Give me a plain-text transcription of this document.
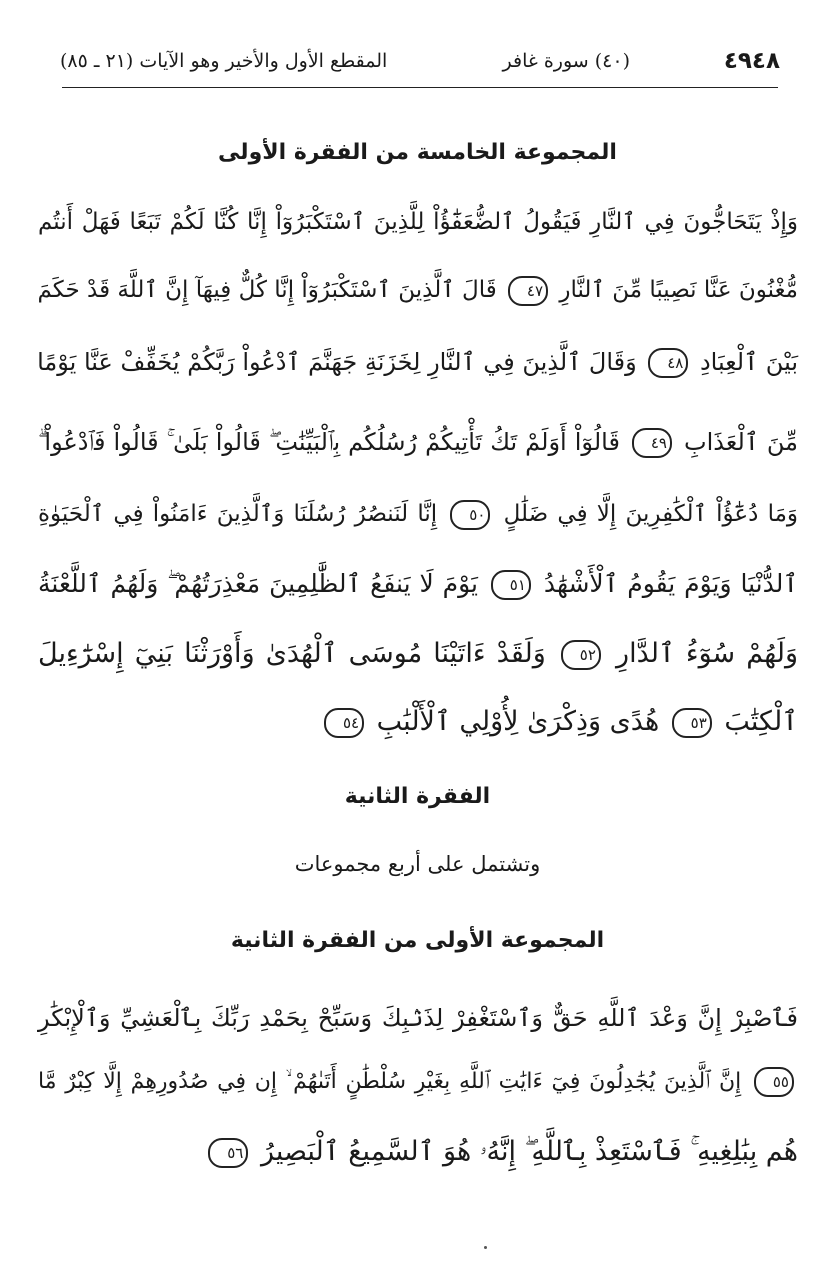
٤٩٤٨
(٤٠) سورة غافر
المقطع الأول والأخير وهو الآيات (٢١ ـ ٨٥)
المجموعة الخامسة من الفقرة الأولى
وَإِذْ يَتَحَاجُّونَ فِي ٱلنَّارِ فَيَقُولُ ٱلضُّعَفَٰٓؤُاْ لِلَّذِينَ ٱسْتَكْبَرُوٓاْ إِنَّا كُنَّا لَكُمْ تَبَعًا فَهَلْ أَنتُم
مُّغْنُونَ عَنَّا نَصِيبًا مِّنَ ٱلنَّارِ ٤٧ قَالَ ٱلَّذِينَ ٱسْتَكْبَرُوٓاْ إِنَّا كُلٌّ فِيهَآ إِنَّ ٱللَّهَ قَدْ حَكَمَ
بَيْنَ ٱلْعِبَادِ ٤٨ وَقَالَ ٱلَّذِينَ فِي ٱلنَّارِ لِخَزَنَةِ جَهَنَّمَ ٱدْعُواْ رَبَّكُمْ يُخَفِّفْ عَنَّا يَوْمًا
مِّنَ ٱلْعَذَابِ ٤٩ قَالُوٓاْ أَوَلَمْ تَكُ تَأْتِيكُمْ رُسُلُكُم بِٱلْبَيِّنَٰتِ ۖ قَالُواْ بَلَىٰ ۚ قَالُواْ فَٱدْعُواْ ۗ
وَمَا دُعَٰٓؤُاْ ٱلْكَٰفِرِينَ إِلَّا فِي ضَلَٰلٍ ٥٠ إِنَّا لَنَنصُرُ رُسُلَنَا وَٱلَّذِينَ ءَامَنُواْ فِي ٱلْحَيَوٰةِ
ٱلدُّنْيَا وَيَوْمَ يَقُومُ ٱلْأَشْهَٰدُ ٥١ يَوْمَ لَا يَنفَعُ ٱلظَّٰلِمِينَ مَعْذِرَتُهُمْ ۖ وَلَهُمُ ٱللَّعْنَةُ
وَلَهُمْ سُوٓءُ ٱلدَّارِ ٥٢ وَلَقَدْ ءَاتَيْنَا مُوسَى ٱلْهُدَىٰ وَأَوْرَثْنَا بَنِيٓ إِسْرَٰٓءِيلَ
ٱلْكِتَٰبَ ٥٣ هُدًى وَذِكْرَىٰ لِأُوْلِي ٱلْأَلْبَٰبِ ٥٤
الفقرة الثانية
وتشتمل على أربع مجموعات
المجموعة الأولى من الفقرة الثانية
فَٱصْبِرْ إِنَّ وَعْدَ ٱللَّهِ حَقٌّ وَٱسْتَغْفِرْ لِذَنۢبِكَ وَسَبِّحْ بِحَمْدِ رَبِّكَ بِٱلْعَشِيِّ وَٱلْإِبْكَٰرِ
٥٥ إِنَّ ٱلَّذِينَ يُجَٰدِلُونَ فِيٓ ءَايَٰتِ ٱللَّهِ بِغَيْرِ سُلْطَٰنٍ أَتَىٰهُمْ ۙ إِن فِي صُدُورِهِمْ إِلَّا كِبْرٌ مَّا
هُم بِبَٰلِغِيهِ ۚ فَٱسْتَعِذْ بِٱللَّهِ ۖ إِنَّهُۥ هُوَ ٱلسَّمِيعُ ٱلْبَصِيرُ ٥٦
